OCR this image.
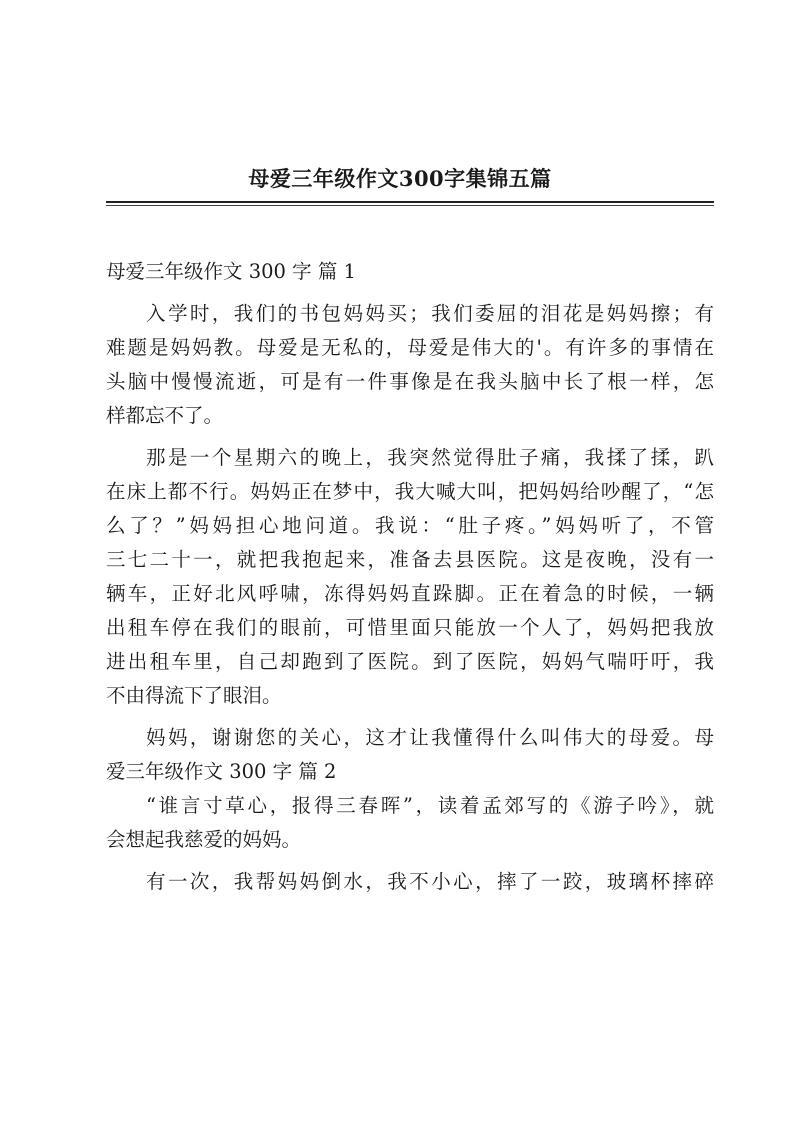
母爱三年级作文300字集锦五篇
母爱三年级作文 300 字 篇 1
入学时，我们的书包妈妈买；我们委屈的泪花是妈妈擦；有
难题是妈妈教。母爱是无私的，母爱是伟大的'。有许多的事情在
头脑中慢慢流逝，可是有一件事像是在我头脑中长了根一样，怎
样都忘不了。
那是一个星期六的晚上，我突然觉得肚子痛，我揉了揉，趴
在床上都不行。妈妈正在梦中，我大喊大叫，把妈妈给吵醒了，“怎
么了？”妈妈担心地问道。我说：“肚子疼。”妈妈听了，不管
三七二十一，就把我抱起来，准备去县医院。这是夜晚，没有一
辆车，正好北风呼啸，冻得妈妈直跺脚。正在着急的时候，一辆
出租车停在我们的眼前，可惜里面只能放一个人了，妈妈把我放
进出租车里，自己却跑到了医院。到了医院，妈妈气喘吁吁，我
不由得流下了眼泪。
妈妈，谢谢您的关心，这才让我懂得什么叫伟大的母爱。母
爱三年级作文 300 字 篇 2
“谁言寸草心，报得三春晖”，读着孟郊写的《游子吟》，就
会想起我慈爱的妈妈。
有一次，我帮妈妈倒水，我不小心，摔了一跤，玻璃杯摔碎
